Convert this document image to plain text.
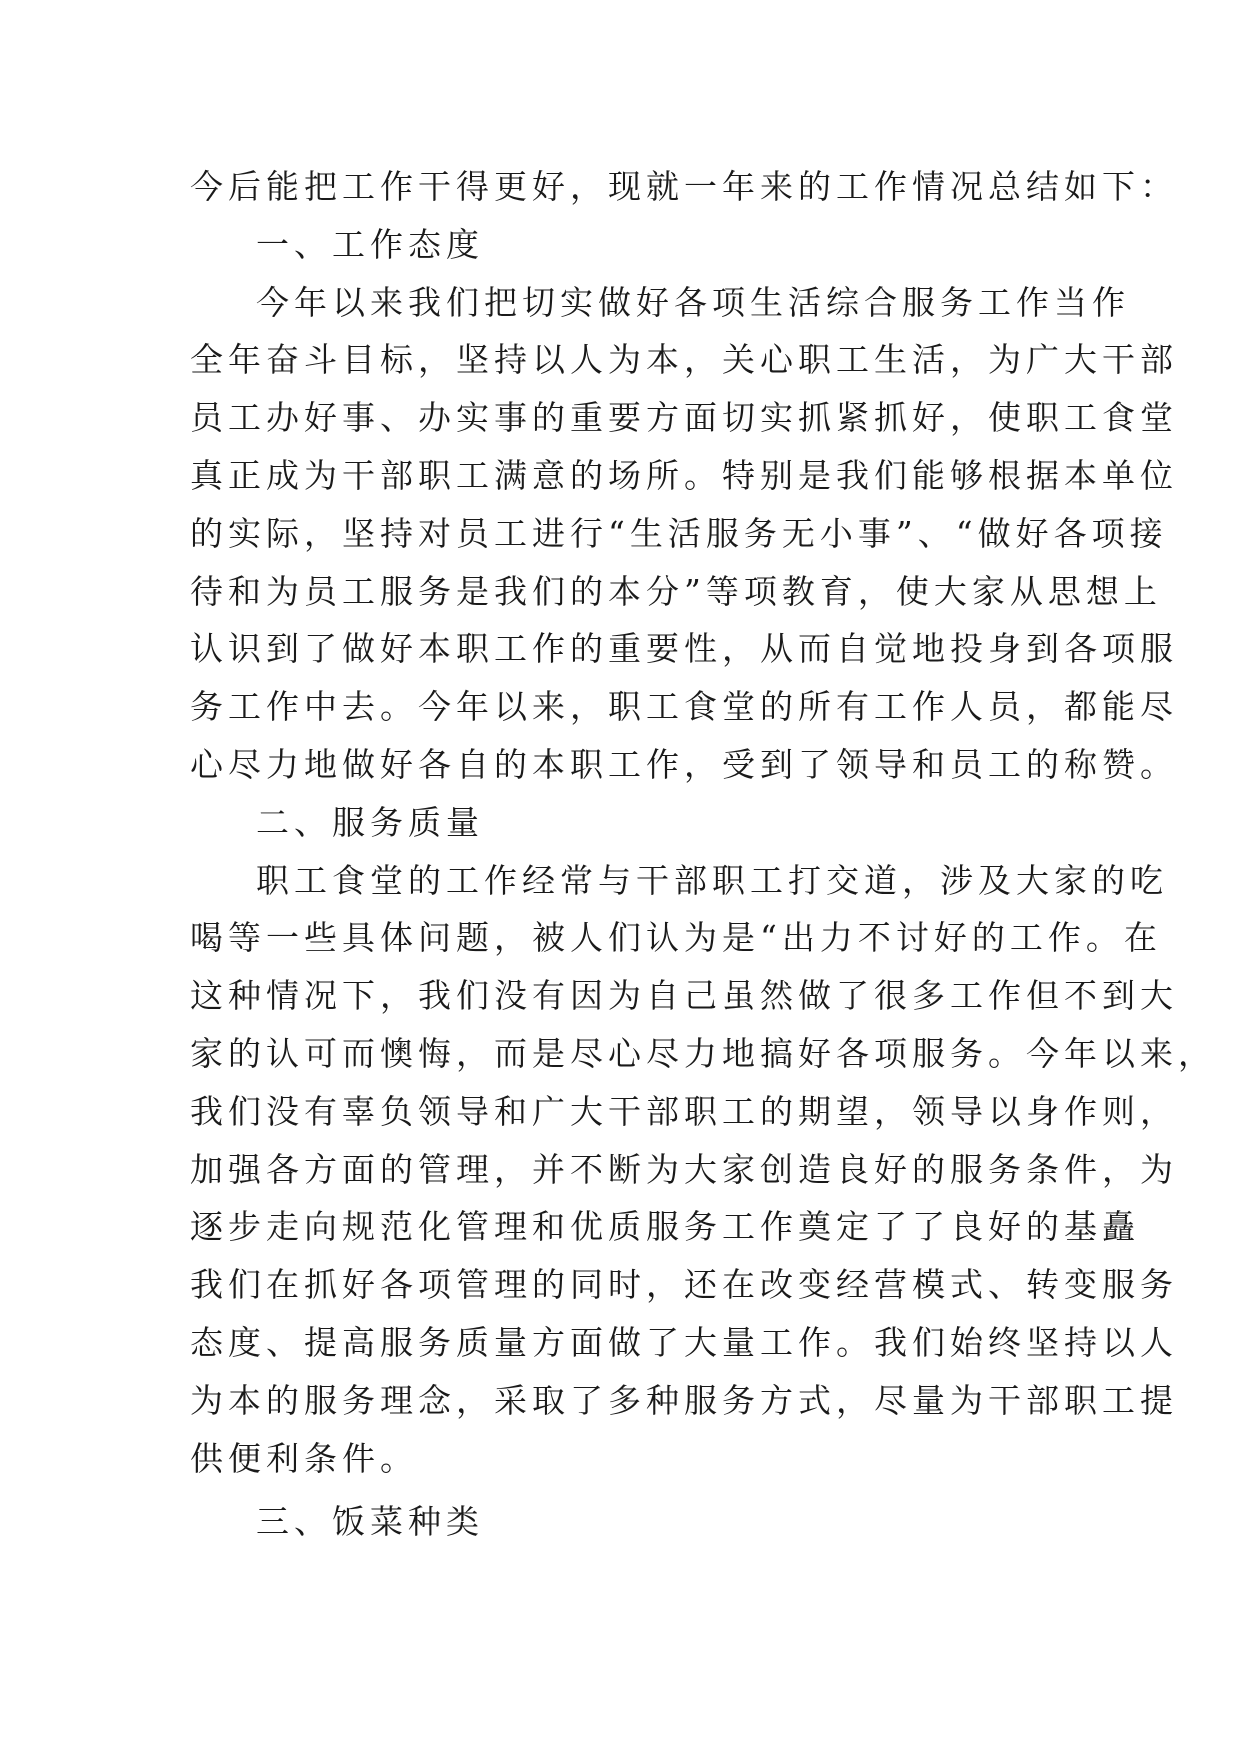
今后能把工作干得更好，现就一年来的工作情况总结如下：
一、工作态度
今年以来我们把切实做好各项生活综合服务工作当作
全年奋斗目标，坚持以人为本，关心职工生活，为广大干部
员工办好事、办实事的重要方面切实抓紧抓好，使职工食堂
真正成为干部职工满意的场所。特别是我们能够根据本单位
的实际，坚持对员工进行“生活服务无小事”、“做好各项接
待和为员工服务是我们的本分”等项教育，使大家从思想上
认识到了做好本职工作的重要性，从而自觉地投身到各项服
务工作中去。今年以来，职工食堂的所有工作人员，都能尽
心尽力地做好各自的本职工作，受到了领导和员工的称赞。
二、服务质量
职工食堂的工作经常与干部职工打交道，涉及大家的吃
喝等一些具体问题，被人们认为是“出力不讨好的工作。在
这种情况下，我们没有因为自己虽然做了很多工作但不到大
家的认可而懊悔，而是尽心尽力地搞好各项服务。今年以来，
我们没有辜负领导和广大干部职工的期望，领导以身作则，
加强各方面的管理，并不断为大家创造良好的服务条件，为
逐步走向规范化管理和优质服务工作奠定了了良好的基矗
我们在抓好各项管理的同时，还在改变经营模式、转变服务
态度、提高服务质量方面做了大量工作。我们始终坚持以人
为本的服务理念，采取了多种服务方式，尽量为干部职工提
供便利条件。
三、饭菜种类
